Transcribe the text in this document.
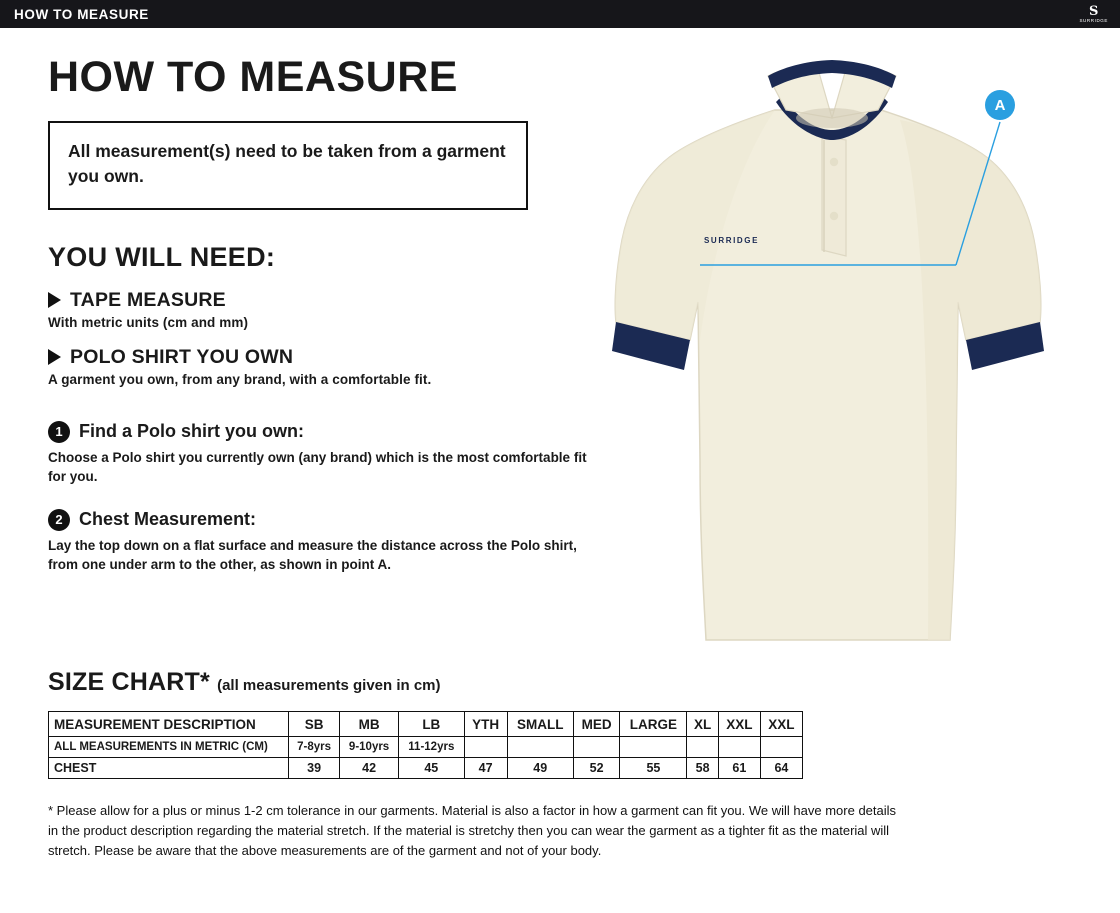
HOW TO MEASURE	S
SURRIDGE
HOW TO MEASURE
All measurement(s) need to be taken from a garment you own.
YOU WILL NEED:
TAPE MEASURE
With metric units (cm and mm)
POLO SHIRT YOU OWN
A garment you own, from any brand, with a comfortable fit.
1 Find a Polo shirt you own:
Choose a Polo shirt you currently own (any brand) which is the most comfortable fit for you.
2 Chest Measurement:
Lay the top down on a flat surface and measure the distance across the Polo shirt, from one under arm to the other, as shown in point A.
SURRIDGE
A
SIZE CHART* (all measurements given in cm)
MEASUREMENT DESCRIPTION	SB	MB	LB	YTH	SMALL	MED	LARGE	XL	XXL	XXL
ALL MEASUREMENTS IN METRIC (CM)	7-8yrs	9-10yrs	11-12yrs							
CHEST	39	42	45	47	49	52	55	58	61	64
* Please allow for a plus or minus 1-2 cm tolerance in our garments. Material is also a factor in how a garment can fit you. We will have more details in the product description regarding the material stretch. If the material is stretchy then you can wear the garment as a tighter fit as the material will stretch. Please be aware that the above measurements are of the garment and not of your body.
